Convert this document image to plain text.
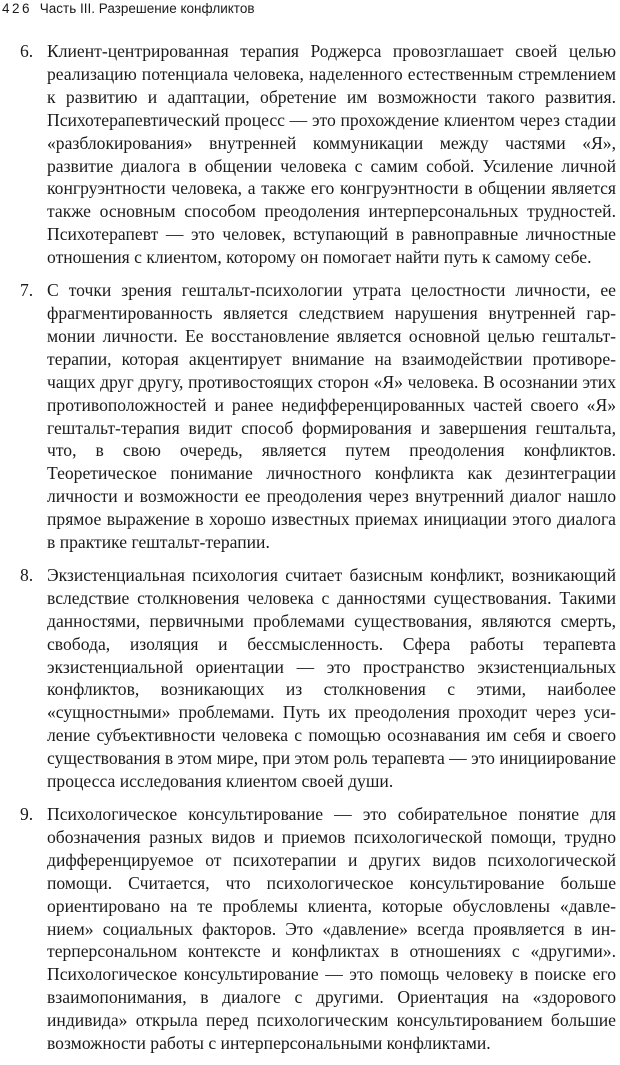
426 Часть III. Разрешение конфликтов
6. Клиент-центрированная терапия Роджерса провозглашает своей целью реализацию потенциала человека, наделенного естественным стремлением к развитию и адаптации, обретение им возможности такого развития. Психотерапевтический процесс — это прохождение клиентом через стадии «разблокирования» внутренней коммуникации между частями «Я», развитие диалога в общении человека с самим собой. Усиление личной конгруэнтности человека, а также его конгруэнтности в общении является также основным способом преодоления интерперсональных трудностей. Психотерапевт — это человек, вступающий в равноправные личностные отношения с клиентом, которому он помогает найти путь к самому себе.
7. С точки зрения гештальт-психологии утрата целостности личности, ее фрагментированность является следствием нарушения внутренней гармонии личности. Ее восстановление является основной целью гештальт-терапии, которая акцентирует внимание на взаимодействии противоречащих друг другу, противостоящих сторон «Я» человека. В осознании этих противоположностей и ранее недифференцированных частей своего «Я» гештальт-терапия видит способ формирования и завершения гештальта, что, в свою очередь, является путем преодоления конфликтов. Теоретическое понимание личностного конфликта как дезинтеграции личности и возможности ее преодоления через внутренний диалог нашло прямое выражение в хорошо известных приемах инициации этого диалога в практике гештальт-терапии.
8. Экзистенциальная психология считает базисным конфликт, возникающий вследствие столкновения человека с данностями существования. Такими данностями, первичными проблемами существования, являются смерть, свобода, изоляция и бессмысленность. Сфера работы терапевта экзистенциальной ориентации — это пространство экзистенциальных конфликтов, возникающих из столкновения с этими, наиболее «сущностными» проблемами. Путь их преодоления проходит через усиление субъективности человека с помощью осознавания им себя и своего существования в этом мире, при этом роль терапевта — это инициирование процесса исследования клиентом своей души.
9. Психологическое консультирование — это собирательное понятие для обозначения разных видов и приемов психологической помощи, трудно дифференцируемое от психотерапии и других видов психологической помощи. Считается, что психологическое консультирование больше ориентировано на те проблемы клиента, которые обусловлены «давлением» социальных факторов. Это «давление» всегда проявляется в интерперсональном контексте и конфликтах в отношениях с «другими». Психологическое консультирование — это помощь человеку в поиске его взаимопонимания, в диалоге с другими. Ориентация на «здорового индивида» открыла перед психологическим консультированием большие возможности работы с интерперсональными конфликтами.
